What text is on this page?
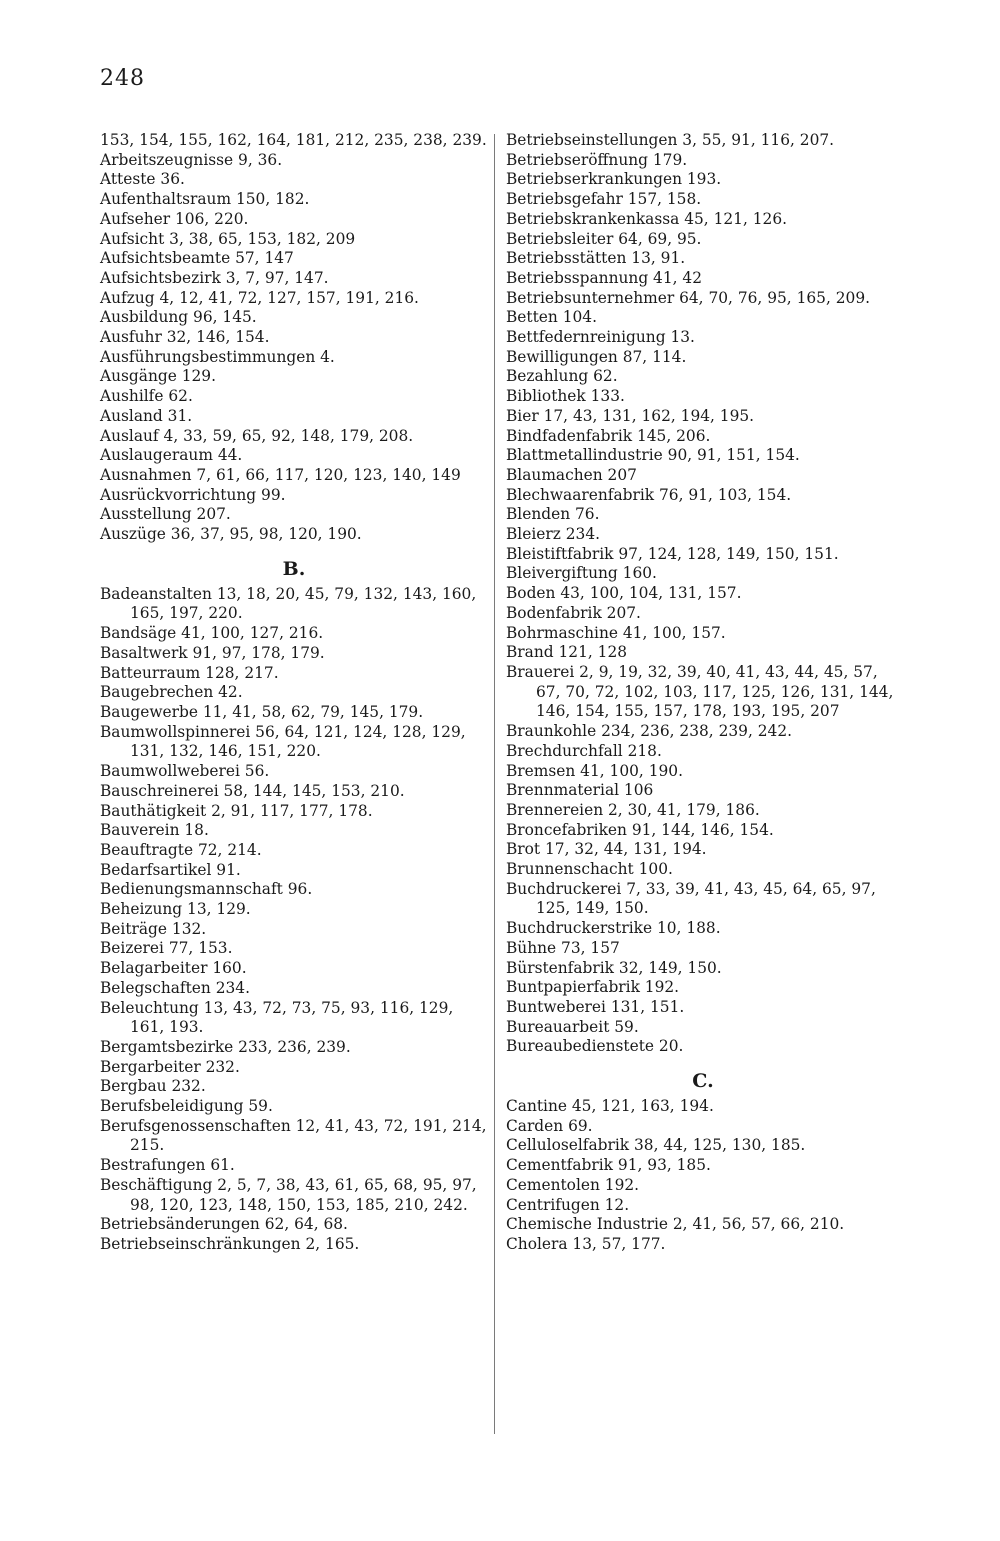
248
153, 154, 155, 162, 164, 181, 212, 235, 238, 239.
Arbeitszeugnisse 9, 36.
Atteste 36.
Aufenthaltsraum 150, 182.
Aufseher 106, 220.
Aufsicht 3, 38, 65, 153, 182, 209
Aufsichtsbeamte 57, 147
Aufsichtsbezirk 3, 7, 97, 147.
Aufzug 4, 12, 41, 72, 127, 157, 191, 216.
Ausbildung 96, 145.
Ausfuhr 32, 146, 154.
Ausführungsbestimmungen 4.
Ausgänge 129.
Aushilfe 62.
Ausland 31.
Auslauf 4, 33, 59, 65, 92, 148, 179, 208.
Auslaugeraum 44.
Ausnahmen 7, 61, 66, 117, 120, 123, 140, 149
Ausrückvorrichtung 99.
Ausstellung 207.
Auszüge 36, 37, 95, 98, 120, 190.
B.
Badeanstalten 13, 18, 20, 45, 79, 132, 143, 160, 165, 197, 220.
Bandsäge 41, 100, 127, 216.
Basaltwerk 91, 97, 178, 179.
Batteurraum 128, 217.
Baugebrechen 42.
Baugewerbe 11, 41, 58, 62, 79, 145, 179.
Baumwollspinnerei 56, 64, 121, 124, 128, 129, 131, 132, 146, 151, 220.
Baumwollweberei 56.
Bauschreinerei 58, 144, 145, 153, 210.
Bauthätigkeit 2, 91, 117, 177, 178.
Bauverein 18.
Beauftragte 72, 214.
Bedarfsartikel 91.
Bedienungsmannschaft 96.
Beheizung 13, 129.
Beiträge 132.
Beizerei 77, 153.
Belagarbeiter 160.
Belegschaften 234.
Beleuchtung 13, 43, 72, 73, 75, 93, 116, 129, 161, 193.
Bergamtsbezirke 233, 236, 239.
Bergarbeiter 232.
Bergbau 232.
Berufsbeleidigung 59.
Berufsgenossenschaften 12, 41, 43, 72, 191, 214, 215.
Bestrafungen 61.
Beschäftigung 2, 5, 7, 38, 43, 61, 65, 68, 95, 97, 98, 120, 123, 148, 150, 153, 185, 210, 242.
Betriebsänderungen 62, 64, 68.
Betriebseinschränkungen 2, 165.
Betriebseinstellungen 3, 55, 91, 116, 207.
Betriebseröffnung 179.
Betriebserkrankungen 193.
Betriebsgefahr 157, 158.
Betriebskrankenkassa 45, 121, 126.
Betriebsleiter 64, 69, 95.
Betriebsstätten 13, 91.
Betriebsspannung 41, 42
Betriebsunternehmer 64, 70, 76, 95, 165, 209.
Betten 104.
Bettfedernreinigung 13.
Bewilligungen 87, 114.
Bezahlung 62.
Bibliothek 133.
Bier 17, 43, 131, 162, 194, 195.
Bindfadenfabrik 145, 206.
Blattmetallindustrie 90, 91, 151, 154.
Blaumachen 207
Blechwaarenfabrik 76, 91, 103, 154.
Blenden 76.
Bleierz 234.
Bleistiftfabrik 97, 124, 128, 149, 150, 151.
Bleivergiftung 160.
Boden 43, 100, 104, 131, 157.
Bodenfabrik 207.
Bohrmaschine 41, 100, 157.
Brand 121, 128
Brauerei 2, 9, 19, 32, 39, 40, 41, 43, 44, 45, 57, 67, 70, 72, 102, 103, 117, 125, 126, 131, 144, 146, 154, 155, 157, 178, 193, 195, 207
Braunkohle 234, 236, 238, 239, 242.
Brechdurchfall 218.
Bremsen 41, 100, 190.
Brennmaterial 106
Brennereien 2, 30, 41, 179, 186.
Broncefabriken 91, 144, 146, 154.
Brot 17, 32, 44, 131, 194.
Brunnenschacht 100.
Buchdruckerei 7, 33, 39, 41, 43, 45, 64, 65, 97, 125, 149, 150.
Buchdruckerstrike 10, 188.
Bühne 73, 157
Bürstenfabrik 32, 149, 150.
Buntpapierfabrik 192.
Buntweberei 131, 151.
Bureauarbeit 59.
Bureaubedienstete 20.
C.
Cantine 45, 121, 163, 194.
Carden 69.
Celluloselfabrik 38, 44, 125, 130, 185.
Cementfabrik 91, 93, 185.
Cementolen 192.
Centrifugen 12.
Chemische Industrie 2, 41, 56, 57, 66, 210.
Cholera 13, 57, 177.
